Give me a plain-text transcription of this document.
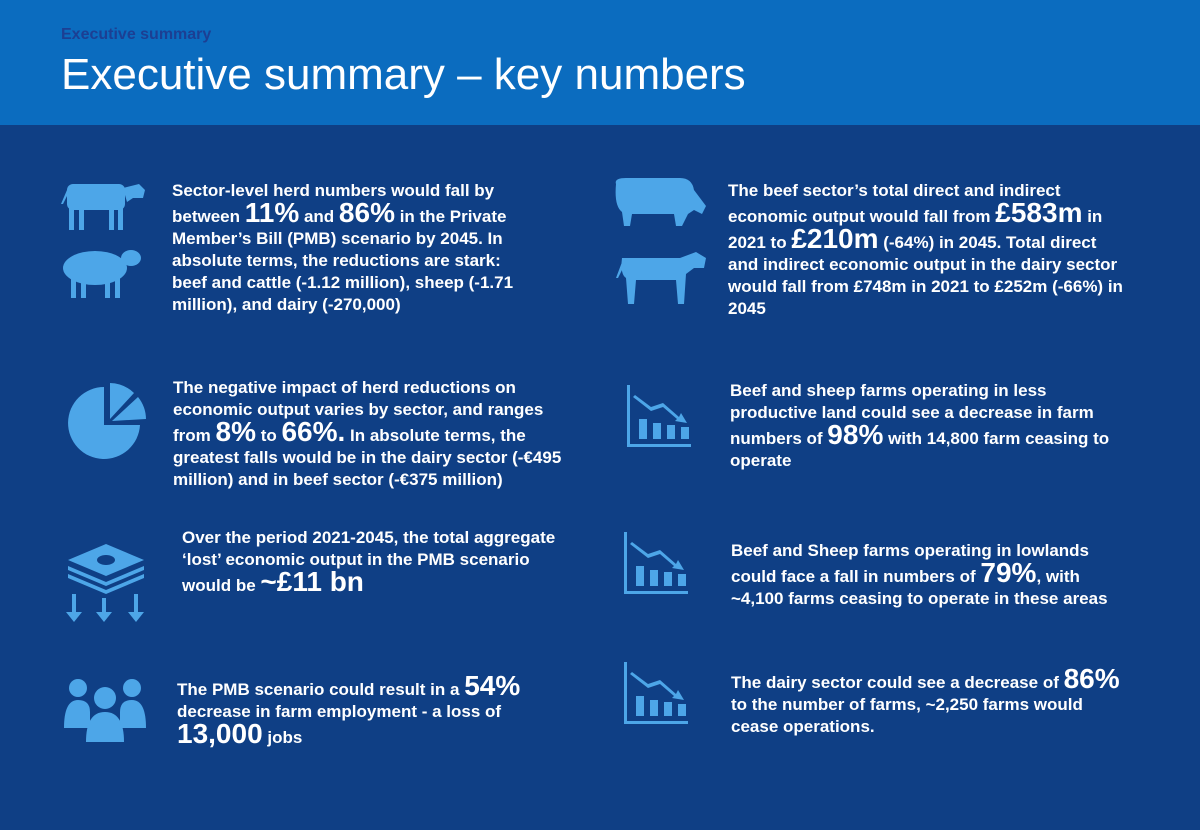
Executive summary
Executive summary – key numbers
Sector-level herd numbers would fall by between 11% and 86% in the Private Member’s Bill (PMB) scenario by 2045. In absolute terms, the reductions are stark: beef and cattle (-1.12 million), sheep (-1.71 million), and dairy (-270,000)
The beef sector’s total direct and indirect economic output would fall from £583m in 2021 to £210m (-64%) in 2045. Total direct and indirect economic output in the dairy sector would fall from £748m in 2021 to £252m (-66%) in 2045
The negative impact of herd reductions on economic output varies by sector, and ranges from 8% to 66%. In absolute terms, the greatest falls would be in the dairy sector (-€495 million) and in beef sector (-€375 million)
Beef and sheep farms operating in less productive land could see a decrease in farm numbers of 98% with 14,800 farm ceasing to operate
Over the period 2021-2045, the total aggregate ‘lost’ economic output in the PMB scenario would be ~£11 bn
Beef and Sheep farms operating in lowlands could face a fall in numbers of 79%, with ~4,100 farms ceasing to operate in these areas
The PMB scenario could result in a 54% decrease in farm employment - a loss of 13,000 jobs
The dairy sector could see a decrease of 86% to the number of farms, ~2,250 farms would cease operations.
